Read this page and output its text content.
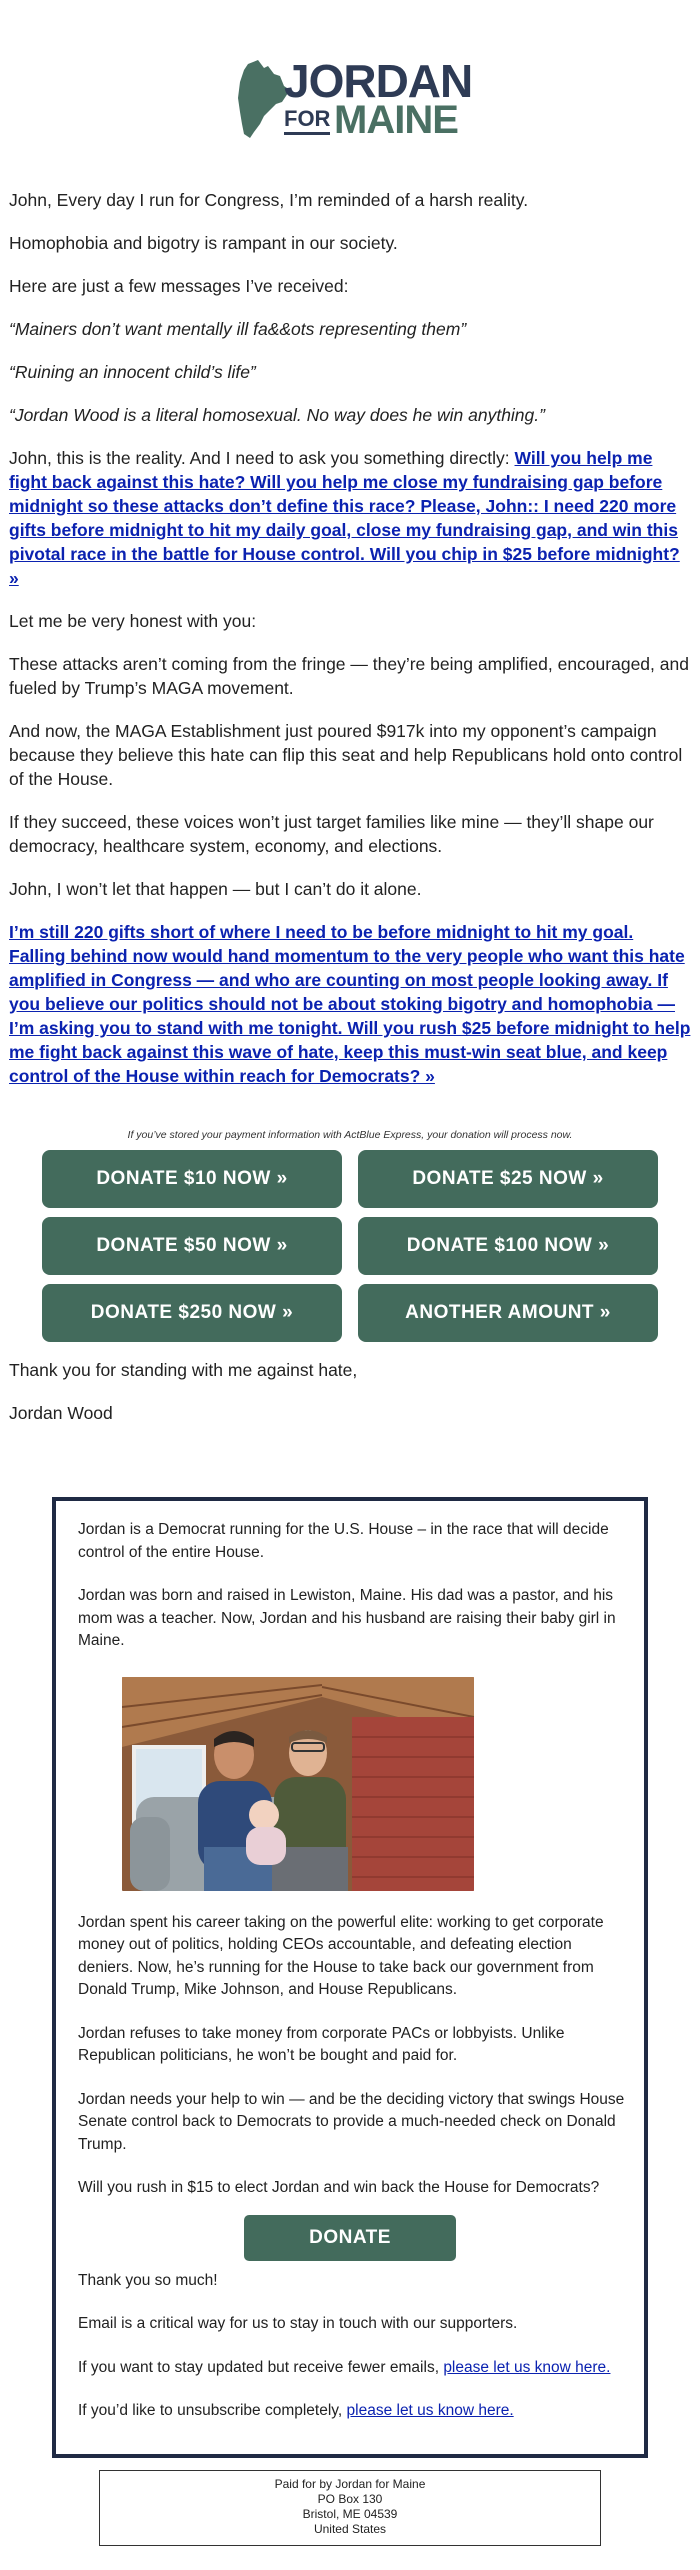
JORDAN
FOR MAINE

John, Every day I run for Congress, I’m reminded of a harsh reality.

Homophobia and bigotry is rampant in our society.

Here are just a few messages I’ve received:

“Mainers don’t want mentally ill fa&&ots representing them”

“Ruining an innocent child’s life”

“Jordan Wood is a literal homosexual. No way does he win anything.”

John, this is the reality. And I need to ask you something directly: Will you help me fight back against this hate? Will you help me close my fundraising gap before midnight so these attacks don’t define this race? Please, John:: I need 220 more gifts before midnight to hit my daily goal, close my fundraising gap, and win this pivotal race in the battle for House control. Will you chip in $25 before midnight? »

Let me be very honest with you:

These attacks aren’t coming from the fringe — they’re being amplified, encouraged, and fueled by Trump’s MAGA movement.

And now, the MAGA Establishment just poured $917k into my opponent’s campaign because they believe this hate can flip this seat and help Republicans hold onto control of the House.

If they succeed, these voices won’t just target families like mine — they’ll shape our democracy, healthcare system, economy, and elections.

John, I won’t let that happen — but I can’t do it alone.

I’m still 220 gifts short of where I need to be before midnight to hit my goal. Falling behind now would hand momentum to the very people who want this hate amplified in Congress — and who are counting on most people looking away. If you believe our politics should not be about stoking bigotry and homophobia — I’m asking you to stand with me tonight. Will you rush $25 before midnight to help me fight back against this wave of hate, keep this must-win seat blue, and keep control of the House within reach for Democrats? »

If you’ve stored your payment information with ActBlue Express, your donation will process now.
DONATE $10 NOW »	DONATE $25 NOW »
DONATE $50 NOW »	DONATE $100 NOW »
DONATE $250 NOW »	ANOTHER AMOUNT »

Thank you for standing with me against hate,

Jordan Wood

Jordan is a Democrat running for the U.S. House – in the race that will decide control of the entire House.

Jordan was born and raised in Lewiston, Maine. His dad was a pastor, and his mom was a teacher. Now, Jordan and his husband are raising their baby girl in Maine.

Jordan spent his career taking on the powerful elite: working to get corporate money out of politics, holding CEOs accountable, and defeating election deniers. Now, he’s running for the House to take back our government from Donald Trump, Mike Johnson, and House Republicans.

Jordan refuses to take money from corporate PACs or lobbyists. Unlike Republican politicians, he won’t be bought and paid for.

Jordan needs your help to win — and be the deciding victory that swings House Senate control back to Democrats to provide a much-needed check on Donald Trump.

Will you rush in $15 to elect Jordan and win back the House for Democrats?

Thank you so much!

Email is a critical way for us to stay in touch with our supporters.

If you want to stay updated but receive fewer emails, please let us know here.

If you’d like to unsubscribe completely, please let us know here.

DONATE
Paid for by Jordan for Maine
PO Box 130
Bristol, ME 04539
United States
